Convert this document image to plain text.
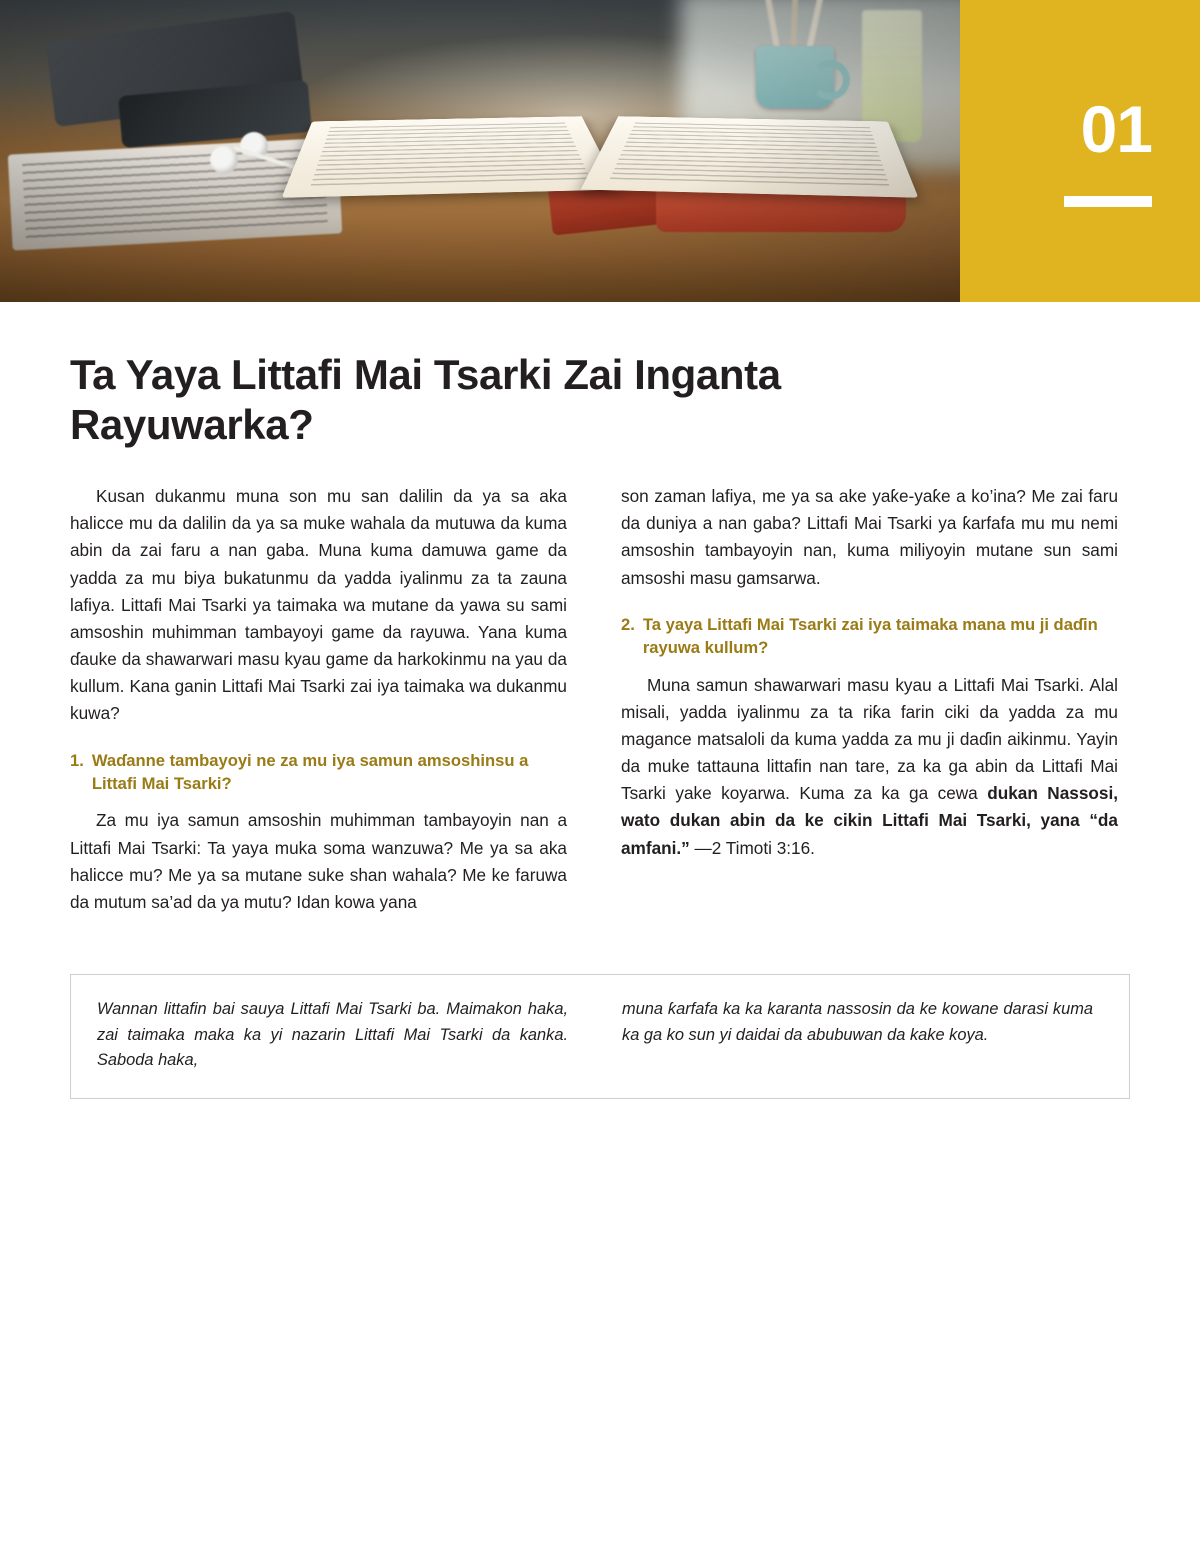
01
Ta Yaya Littafi Mai Tsarki Zai Inganta Rayuwarka?

Kusan dukanmu muna son mu san dalilin da ya sa aka halicce mu da dalilin da ya sa muke wahala da mutuwa da kuma abin da zai faru a nan gaba. Muna kuma damuwa game da yadda za mu biya bukatunmu da yadda iyalinmu za ta zauna lafiya. Littafi Mai Tsarki ya taimaka wa mutane da yawa su sami amsoshin muhimman tambayoyi game da rayuwa. Yana kuma ɗauke da shawarwari masu kyau game da harkokinmu na yau da kullum. Kana ganin Littafi Mai Tsarki zai iya taimaka wa dukanmu kuwa?

1. Waɗanne tambayoyi ne za mu iya samun amsoshinsu a Littafi Mai Tsarki?

Za mu iya samun amsoshin muhimman tambayoyin nan a Littafi Mai Tsarki: Ta yaya muka soma wanzuwa? Me ya sa aka halicce mu? Me ya sa mutane suke shan wahala? Me ke faruwa da mutum sa’ad da ya mutu? Idan kowa yana

son zaman lafiya, me ya sa ake yaƙe-yaƙe a ko’ina? Me zai faru da duniya a nan gaba? Littafi Mai Tsarki ya ƙarfafa mu mu nemi amsoshin tambayoyin nan, kuma miliyoyin mutane sun sami amsoshi masu gamsarwa.

2. Ta yaya Littafi Mai Tsarki zai iya taimaka mana mu ji daɗin rayuwa kullum?

Muna samun shawarwari masu kyau a Littafi Mai Tsarki. Alal misali, yadda iyalinmu za ta riƙa farin ciki da yadda za mu magance matsaloli da kuma yadda za mu ji daɗin aikinmu. Yayin da muke tattauna littafin nan tare, za ka ga abin da Littafi Mai Tsarki yake koyarwa. Kuma za ka ga cewa dukan Nassosi, wato dukan abin da ke cikin Littafi Mai Tsarki, yana “da amfani.” —2 Timoti 3:16.

Wannan littafin bai sauya Littafi Mai Tsarki ba. Maimakon haka, zai taimaka maka ka yi nazarin Littafi Mai Tsarki da kanka. Saboda haka,
muna ƙarfafa ka ka karanta nassosin da ke kowane darasi kuma ka ga ko sun yi daidai da abubuwan da kake koya.
